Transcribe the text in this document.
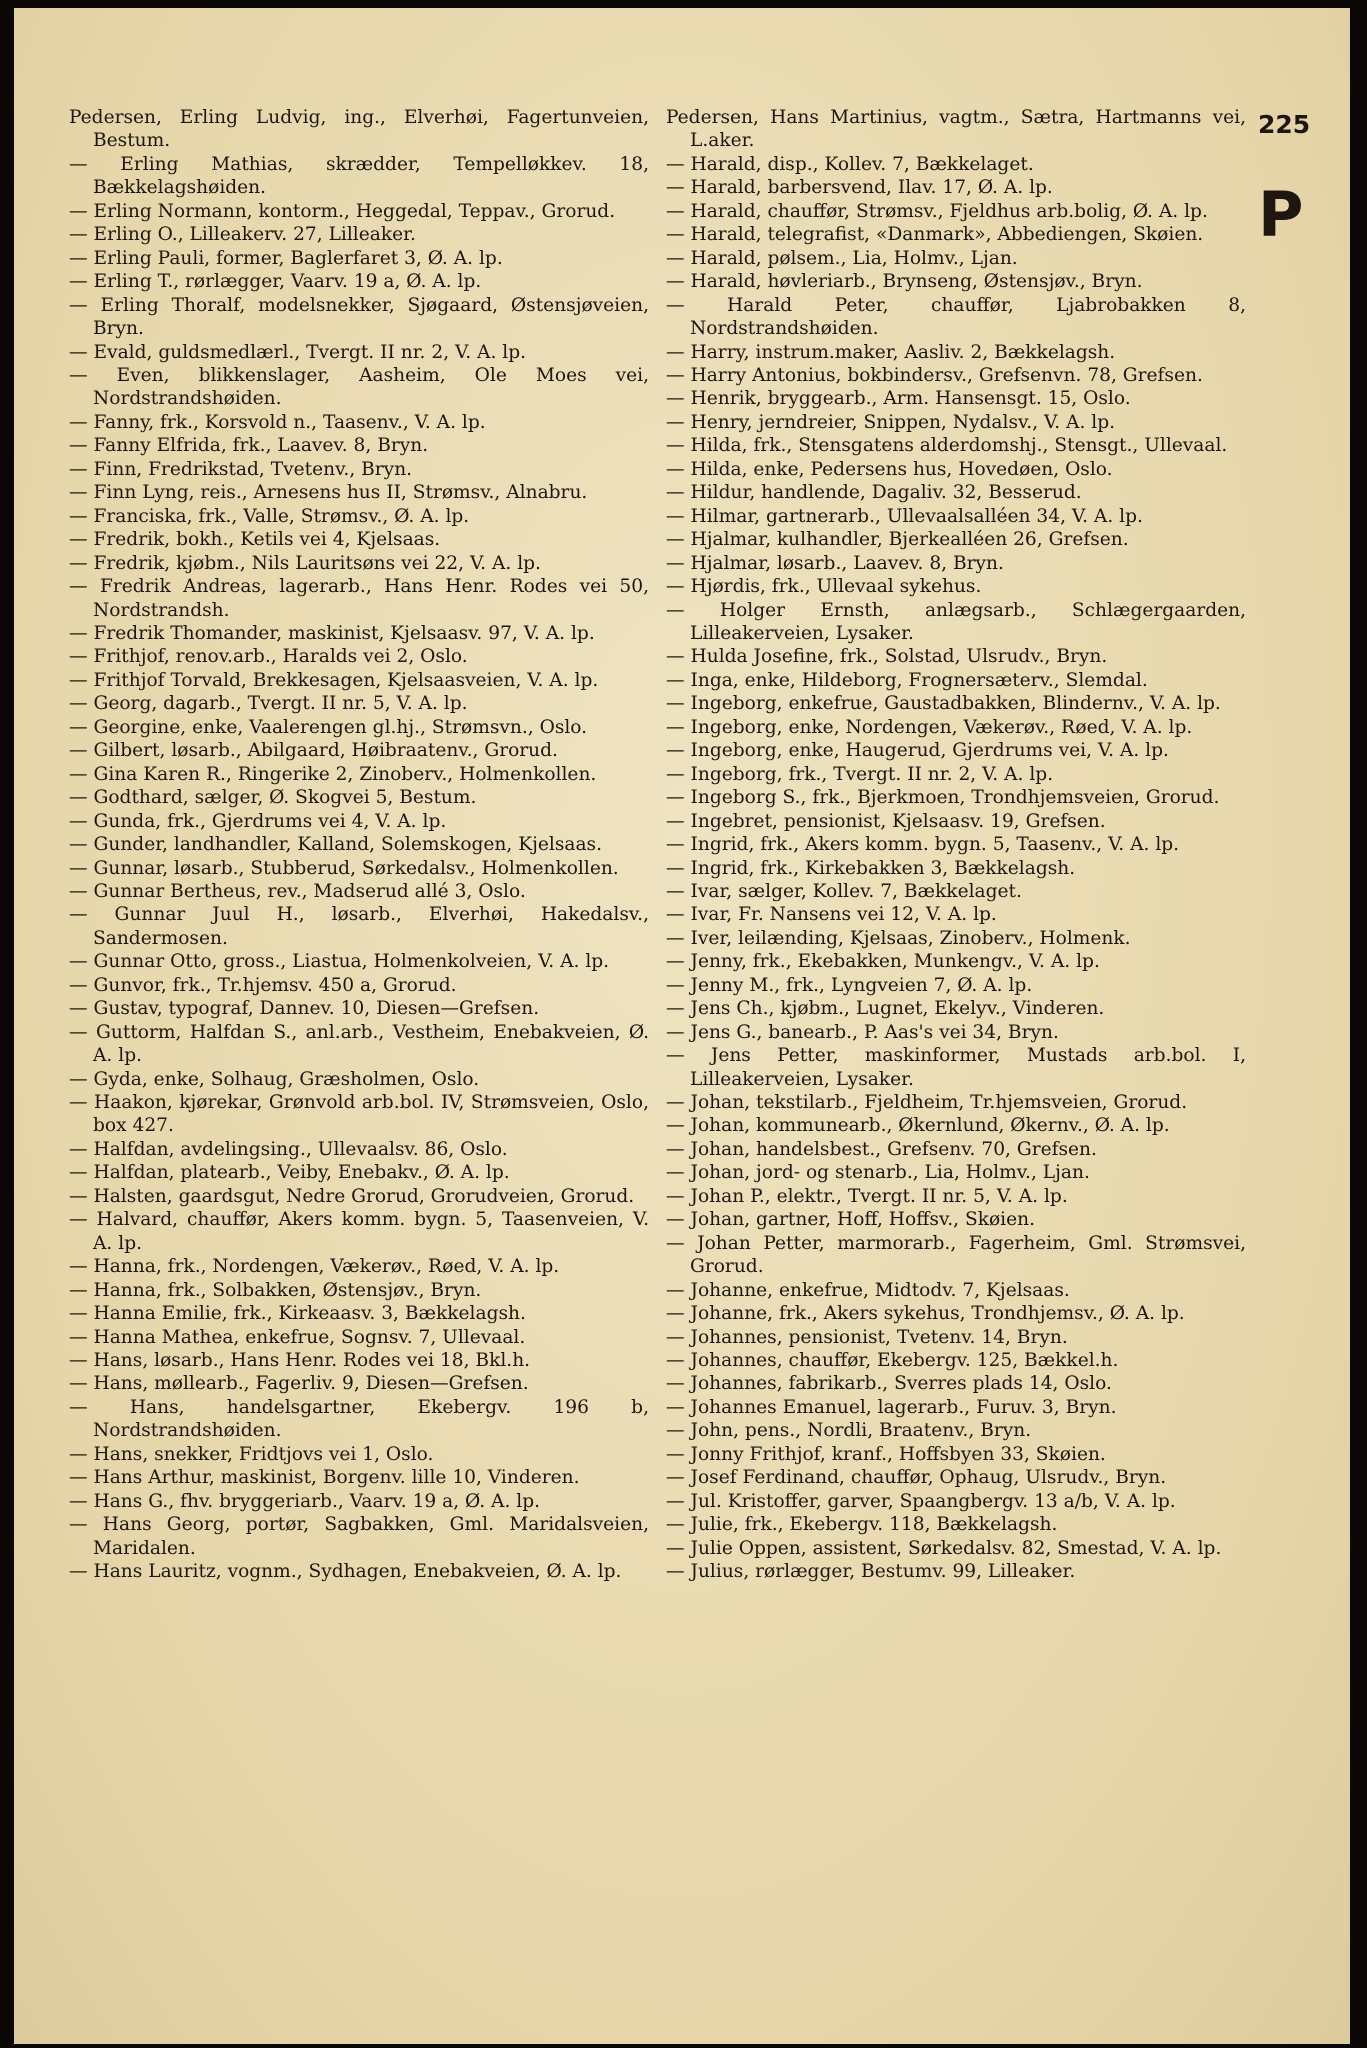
Pedersen, Erling Ludvig, ing., Elverhøi, Fagertunveien, Bestum.
— Erling Mathias, skrædder, Tempelløkkev. 18, Bækkelagshøiden.
— Erling Normann, kontorm., Heggedal, Teppav., Grorud.
— Erling O., Lilleakerv. 27, Lilleaker.
— Erling Pauli, former, Baglerfaret 3, Ø. A. lp.
— Erling T., rørlægger, Vaarv. 19 a, Ø. A. lp.
— Erling Thoralf, modelsnekker, Sjøgaard, Østensjøveien, Bryn.
— Evald, guldsmedlærl., Tvergt. II nr. 2, V. A. lp.
— Even, blikkenslager, Aasheim, Ole Moes vei, Nordstrandshøiden.
— Fanny, frk., Korsvold n., Taasenv., V. A. lp.
— Fanny Elfrida, frk., Laavev. 8, Bryn.
— Finn, Fredrikstad, Tvetenv., Bryn.
— Finn Lyng, reis., Arnesens hus II, Strømsv., Alnabru.
— Franciska, frk., Valle, Strømsv., Ø. A. lp.
— Fredrik, bokh., Ketils vei 4, Kjelsaas.
— Fredrik, kjøbm., Nils Lauritsøns vei 22, V. A. lp.
— Fredrik Andreas, lagerarb., Hans Henr. Rodes vei 50, Nordstrandsh.
— Fredrik Thomander, maskinist, Kjelsaasv. 97, V. A. lp.
— Frithjof, renov.arb., Haralds vei 2, Oslo.
— Frithjof Torvald, Brekkesagen, Kjelsaasveien, V. A. lp.
— Georg, dagarb., Tvergt. II nr. 5, V. A. lp.
— Georgine, enke, Vaalerengen gl.hj., Strømsvn., Oslo.
— Gilbert, løsarb., Abilgaard, Høibraatenv., Grorud.
— Gina Karen R., Ringerike 2, Zinoberv., Holmenkollen.
— Godthard, sælger, Ø. Skogvei 5, Bestum.
— Gunda, frk., Gjerdrums vei 4, V. A. lp.
— Gunder, landhandler, Kalland, Solemskogen, Kjelsaas.
— Gunnar, løsarb., Stubberud, Sørkedalsv., Holmenkollen.
— Gunnar Bertheus, rev., Madserud allé 3, Oslo.
— Gunnar Juul H., løsarb., Elverhøi, Hakedalsv., Sandermosen.
— Gunnar Otto, gross., Liastua, Holmenkolveien, V. A. lp.
— Gunvor, frk., Tr.hjemsv. 450 a, Grorud.
— Gustav, typograf, Dannev. 10, Diesen—Grefsen.
— Guttorm, Halfdan S., anl.arb., Vestheim, Enebakveien, Ø. A. lp.
— Gyda, enke, Solhaug, Græsholmen, Oslo.
— Haakon, kjørekar, Grønvold arb.bol. IV, Strømsveien, Oslo, box 427.
— Halfdan, avdelingsing., Ullevaalsv. 86, Oslo.
— Halfdan, platearb., Veiby, Enebakv., Ø. A. lp.
— Halsten, gaardsgut, Nedre Grorud, Grorudveien, Grorud.
— Halvard, chauffør, Akers komm. bygn. 5, Taasenveien, V. A. lp.
— Hanna, frk., Nordengen, Vækerøv., Røed, V. A. lp.
— Hanna, frk., Solbakken, Østensjøv., Bryn.
— Hanna Emilie, frk., Kirkeaasv. 3, Bækkelagsh.
— Hanna Mathea, enkefrue, Sognsv. 7, Ullevaal.
— Hans, løsarb., Hans Henr. Rodes vei 18, Bkl.h.
— Hans, møllearb., Fagerliv. 9, Diesen—Grefsen.
— Hans, handelsgartner, Ekebergv. 196 b, Nordstrandshøiden.
— Hans, snekker, Fridtjovs vei 1, Oslo.
— Hans Arthur, maskinist, Borgenv. lille 10, Vinderen.
— Hans G., fhv. bryggeriarb., Vaarv. 19 a, Ø. A. lp.
— Hans Georg, portør, Sagbakken, Gml. Maridalsveien, Maridalen.
— Hans Lauritz, vognm., Sydhagen, Enebakveien, Ø. A. lp.
Pedersen, Hans Martinius, vagtm., Sætra, Hartmanns vei, L.aker.
— Harald, disp., Kollev. 7, Bækkelaget.
— Harald, barbersvend, Ilav. 17, Ø. A. lp.
— Harald, chauffør, Strømsv., Fjeldhus arb.bolig, Ø. A. lp.
— Harald, telegrafist, «Danmark», Abbediengen, Skøien.
— Harald, pølsem., Lia, Holmv., Ljan.
— Harald, høvleriarb., Brynseng, Østensjøv., Bryn.
— Harald Peter, chauffør, Ljabrobakken 8, Nordstrandshøiden.
— Harry, instrum.maker, Aasliv. 2, Bækkelagsh.
— Harry Antonius, bokbindersv., Grefsenvn. 78, Grefsen.
— Henrik, bryggearb., Arm. Hansensgt. 15, Oslo.
— Henry, jerndreier, Snippen, Nydalsv., V. A. lp.
— Hilda, frk., Stensgatens alderdomshj., Stensgt., Ullevaal.
— Hilda, enke, Pedersens hus, Hovedøen, Oslo.
— Hildur, handlende, Dagaliv. 32, Besserud.
— Hilmar, gartnerarb., Ullevaalsalléen 34, V. A. lp.
— Hjalmar, kulhandler, Bjerkealléen 26, Grefsen.
— Hjalmar, løsarb., Laavev. 8, Bryn.
— Hjørdis, frk., Ullevaal sykehus.
— Holger Ernsth, anlægsarb., Schlægergaarden, Lilleakerveien, Lysaker.
— Hulda Josefine, frk., Solstad, Ulsrudv., Bryn.
— Inga, enke, Hildeborg, Frognersæterv., Slemdal.
— Ingeborg, enkefrue, Gaustadbakken, Blindernv., V. A. lp.
— Ingeborg, enke, Nordengen, Vækerøv., Røed, V. A. lp.
— Ingeborg, enke, Haugerud, Gjerdrums vei, V. A. lp.
— Ingeborg, frk., Tvergt. II nr. 2, V. A. lp.
— Ingeborg S., frk., Bjerkmoen, Trondhjemsveien, Grorud.
— Ingebret, pensionist, Kjelsaasv. 19, Grefsen.
— Ingrid, frk., Akers komm. bygn. 5, Taasenv., V. A. lp.
— Ingrid, frk., Kirkebakken 3, Bækkelagsh.
— Ivar, sælger, Kollev. 7, Bækkelaget.
— Ivar, Fr. Nansens vei 12, V. A. lp.
— Iver, leilænding, Kjelsaas, Zinoberv., Holmenk.
— Jenny, frk., Ekebakken, Munkengv., V. A. lp.
— Jenny M., frk., Lyngveien 7, Ø. A. lp.
— Jens Ch., kjøbm., Lugnet, Ekelyv., Vinderen.
— Jens G., banearb., P. Aas's vei 34, Bryn.
— Jens Petter, maskinformer, Mustads arb.bol. I, Lilleakerveien, Lysaker.
— Johan, tekstilarb., Fjeldheim, Tr.hjemsveien, Grorud.
— Johan, kommunearb., Økernlund, Økernv., Ø. A. lp.
— Johan, handelsbest., Grefsenv. 70, Grefsen.
— Johan, jord- og stenarb., Lia, Holmv., Ljan.
— Johan P., elektr., Tvergt. II nr. 5, V. A. lp.
— Johan, gartner, Hoff, Hoffsv., Skøien.
— Johan Petter, marmorarb., Fagerheim, Gml. Strømsvei, Grorud.
— Johanne, enkefrue, Midtodv. 7, Kjelsaas.
— Johanne, frk., Akers sykehus, Trondhjemsv., Ø. A. lp.
— Johannes, pensionist, Tvetenv. 14, Bryn.
— Johannes, chauffør, Ekebergv. 125, Bækkel.h.
— Johannes, fabrikarb., Sverres plads 14, Oslo.
— Johannes Emanuel, lagerarb., Furuv. 3, Bryn.
— John, pens., Nordli, Braatenv., Bryn.
— Jonny Frithjof, kranf., Hoffsbyen 33, Skøien.
— Josef Ferdinand, chauffør, Ophaug, Ulsrudv., Bryn.
— Jul. Kristoffer, garver, Spaangbergv. 13 a/b, V. A. lp.
— Julie, frk., Ekebergv. 118, Bækkelagsh.
— Julie Oppen, assistent, Sørkedalsv. 82, Smestad, V. A. lp.
— Julius, rørlægger, Bestumv. 99, Lilleaker.
225
P
